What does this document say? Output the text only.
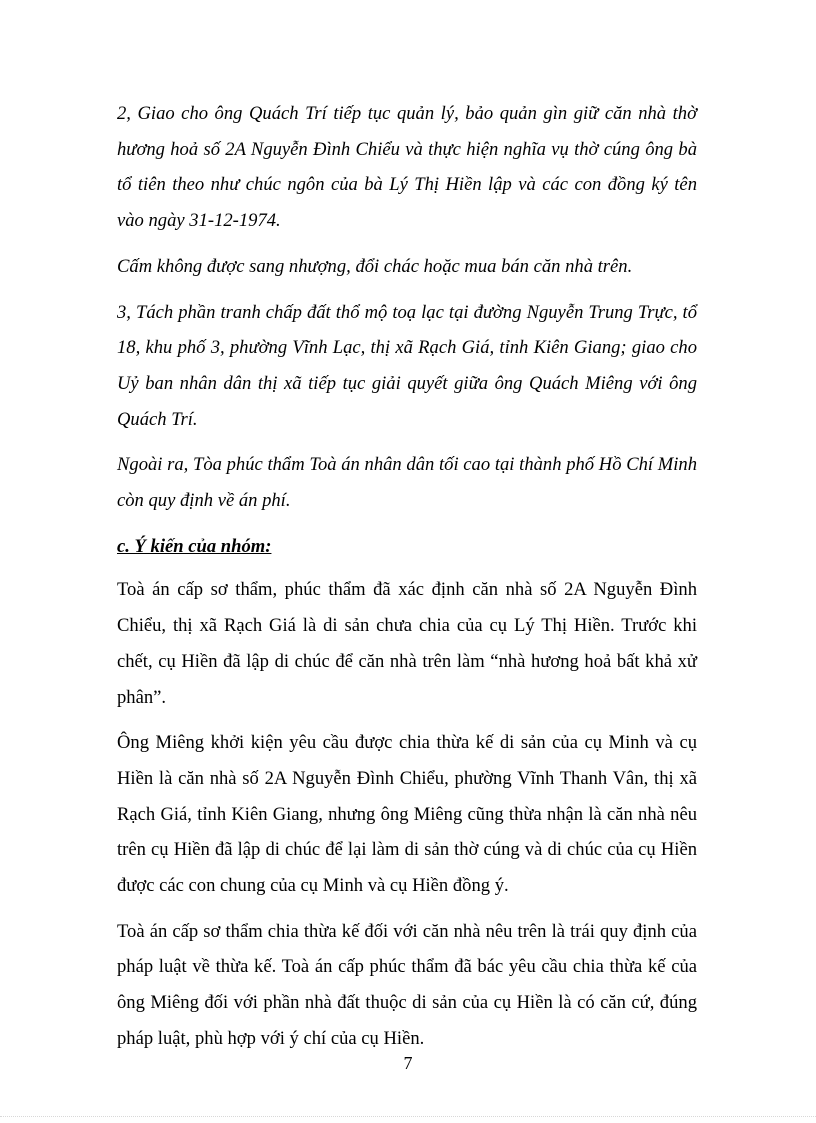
2, Giao cho ông Quách Trí tiếp tục quản lý, bảo quản gìn giữ căn nhà thờ hương hoả số 2A Nguyễn Đình Chiểu và thực hiện nghĩa vụ thờ cúng ông bà tổ tiên theo như chúc ngôn của bà Lý Thị Hiền lập và các con đồng ký tên vào ngày 31-12-1974.

Cấm không được sang nhượng, đổi chác hoặc mua bán căn nhà trên.

3, Tách phần tranh chấp đất thổ mộ toạ lạc tại đường Nguyễn Trung Trực, tổ 18, khu phố 3, phường Vĩnh Lạc, thị xã Rạch Giá, tỉnh Kiên Giang; giao cho Uỷ ban nhân dân thị xã tiếp tục giải quyết giữa ông Quách Miêng với ông Quách Trí.

Ngoài ra, Tòa phúc thẩm Toà án nhân dân tối cao tại thành phố Hồ Chí Minh còn quy định về án phí.

c. Ý kiến của nhóm:

Toà án cấp sơ thẩm, phúc thẩm đã xác định căn nhà số 2A Nguyễn Đình Chiểu, thị xã Rạch Giá là di sản chưa chia của cụ Lý Thị Hiền. Trước khi chết, cụ Hiền đã lập di chúc để căn nhà trên làm “nhà hương hoả bất khả xử phân”.

Ông Miêng khởi kiện yêu cầu được chia thừa kế di sản của cụ Minh và cụ Hiền là căn nhà số 2A Nguyễn Đình Chiểu, phường Vĩnh Thanh Vân, thị xã Rạch Giá, tỉnh Kiên Giang, nhưng ông Miêng cũng thừa nhận là căn nhà nêu trên cụ Hiền đã lập di chúc để lại làm di sản thờ cúng và di chúc của cụ Hiền được các con chung của cụ Minh và cụ Hiền đồng ý.

Toà án cấp sơ thẩm chia thừa kế đối với căn nhà nêu trên là trái quy định của pháp luật về thừa kế. Toà án cấp phúc thẩm đã bác yêu cầu chia thừa kế của ông Miêng đối với phần nhà đất thuộc di sản của cụ Hiền là có căn cứ, đúng pháp luật, phù hợp với ý chí của cụ Hiền.

7
